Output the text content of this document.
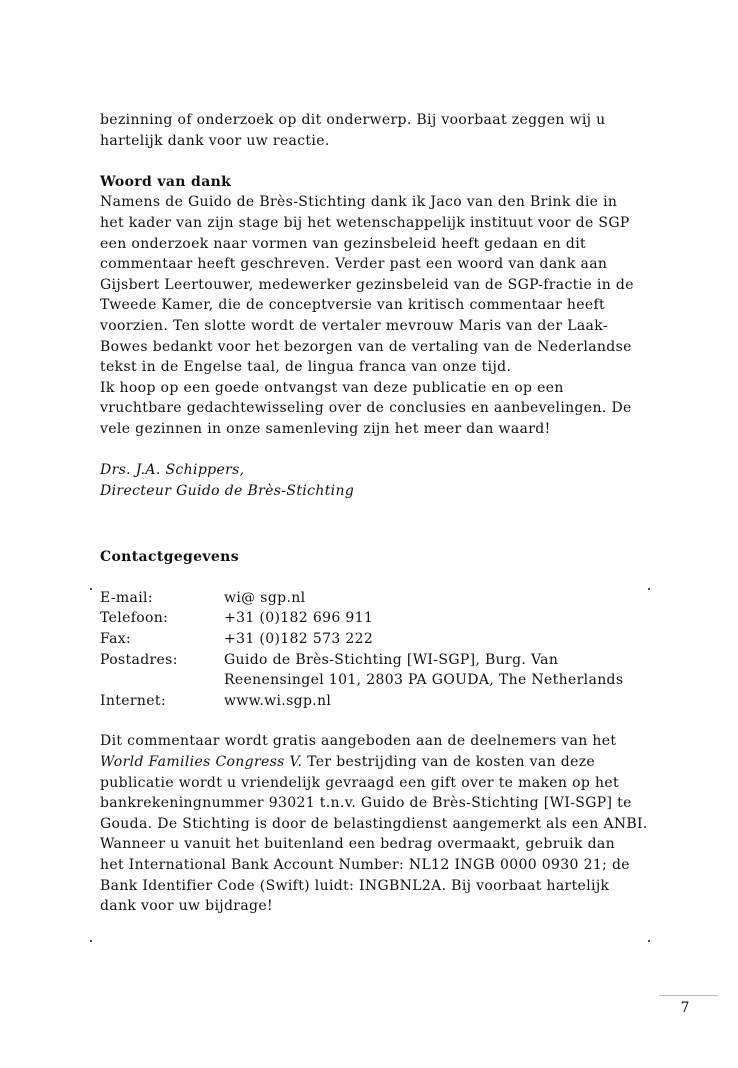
bezinning of onderzoek op dit onderwerp. Bij voorbaat zeggen wij u

hartelijk dank voor uw reactie.

Woord van dank

Namens de Guido de Brès-Stichting dank ik Jaco van den Brink die in

het kader van zijn stage bij het wetenschappelijk instituut voor de SGP

een onderzoek naar vormen van gezinsbeleid heeft gedaan en dit

commentaar heeft geschreven. Verder past een woord van dank aan

Gijsbert Leertouwer, medewerker gezinsbeleid van de SGP-fractie in de

Tweede Kamer, die de conceptversie van kritisch commentaar heeft

voorzien. Ten slotte wordt de vertaler mevrouw Maris van der Laak-

Bowes bedankt voor het bezorgen van de vertaling van de Nederlandse

tekst in de Engelse taal, de lingua franca van onze tijd.

Ik hoop op een goede ontvangst van deze publicatie en op een

vruchtbare gedachtewisseling over de conclusies en aanbevelingen. De

vele gezinnen in onze samenleving zijn het meer dan waard!

Drs. J.A. Schippers,

Directeur Guido de Brès-Stichting

Contactgegevens

E-mail:	wi@ sgp.nl
Telefoon:	+31 (0)182 696 911
Fax:	+31 (0)182 573 222
Postadres:	Guido de Brès-Stichting [WI-SGP], Burg. Van
Reenensingel 101, 2803 PA GOUDA, The Netherlands

Internet:	www.wi.sgp.nl

Dit commentaar wordt gratis aangeboden aan de deelnemers van het

World Families Congress V. Ter bestrijding van de kosten van deze

publicatie wordt u vriendelijk gevraagd een gift over te maken op het

bankrekeningnummer 93021 t.n.v. Guido de Brès-Stichting [WI-SGP] te

Gouda. De Stichting is door de belastingdienst aangemerkt als een ANBI.

Wanneer u vanuit het buitenland een bedrag overmaakt, gebruik dan

het International Bank Account Number: NL12 INGB 0000 0930 21; de

Bank Identifier Code (Swift) luidt: INGBNL2A. Bij voorbaat hartelijk

dank voor uw bijdrage!

7
